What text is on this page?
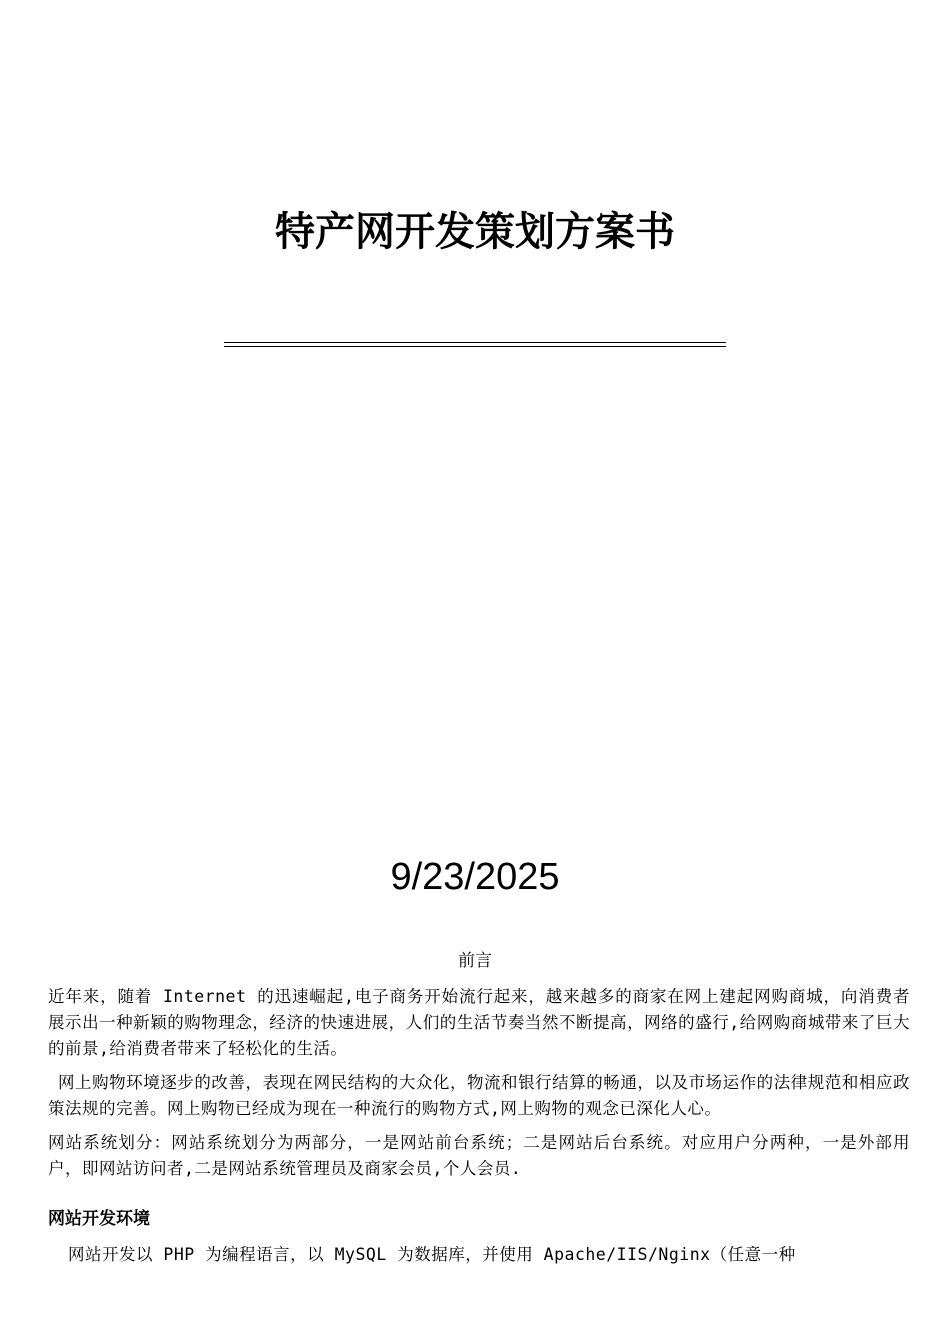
特产网开发策划方案书
9/23/2025
前言

近年来，随着 Internet 的迅速崛起,电子商务开始流行起来，越来越多的商家在网上建起网购商城，向消费者展示出一种新颖的购物理念，经济的快速进展，人们的生活节奏当然不断提高，网络的盛行,给网购商城带来了巨大的前景,给消费者带来了轻松化的生活。

网上购物环境逐步的改善，表现在网民结构的大众化，物流和银行结算的畅通，以及市场运作的法律规范和相应政策法规的完善。网上购物已经成为现在一种流行的购物方式,网上购物的观念已深化人心。

网站系统划分：网站系统划分为两部分，一是网站前台系统；二是网站后台系统。对应用户分两种，一是外部用户，即网站访问者,二是网站系统管理员及商家会员,个人会员.

网站开发环境

网站开发以 PHP 为编程语言，以 MySQL 为数据库，并使用 Apache/IIS/Nginx（任意一种
